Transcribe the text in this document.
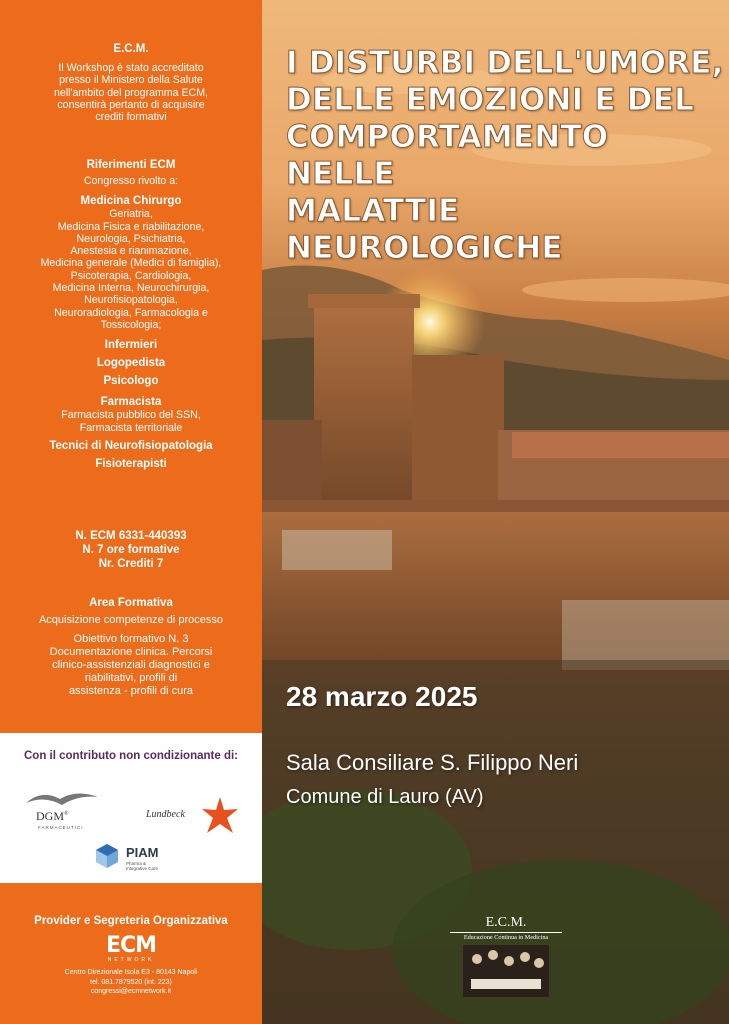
E.C.M.
Il Workshop è stato accreditato
presso il Ministero della Salute
nell'ambito del programma ECM,
consentirà pertanto di acquisire
crediti formativi
Riferimenti ECM
Congresso rivolto a:
Medicina Chirurgo
Geriatria,
Medicina Fisica e riabilitazione,
Neurologia, Psichiatria,
Anestesia e rianimazione,
Medicina generale (Medici di famiglia),
Psicoterapia, Cardiologia,
Medicina Interna, Neurochirurgia,
Neurofisiopatologia,
Neuroradiologia, Farmacologia e
Tossicologia;
Infermieri
Logopedista
Psicologo
Farmacista
Farmacista pubblico del SSN,
Farmacista territoriale
Tecnici di Neurofisiopatologia
Fisioterapisti
N. ECM 6331-440393
N. 7 ore formative
Nr. Crediti 7
Area Formativa
Acquisizione competenze di processo
Obiettivo formativo N. 3
Documentazione clinica. Percorsi
clinico-assistenziali diagnostici e
riabilitativi, profili di
assistenza - profili di cura
Con il contributo non condizionante di:
DGM®
FARMACEUTICI
Lundbeck
PIAM
Pharma &
Integrative Care
Provider e Segreteria Organizzativa
ECM
NETWORK
Centro Direzionale Isola E3 - 80143 Napoli
tel. 081.7879520 (int. 223)
congressi@ecmnetwork.it
I DISTURBI DELL'UMORE,
DELLE EMOZIONI E DEL
COMPORTAMENTO NELLE
MALATTIE NEUROLOGICHE
28 marzo 2025
Sala Consiliare S. Filippo Neri
Comune di Lauro (AV)
E.C.M.
Educazione Continua in Medicina
